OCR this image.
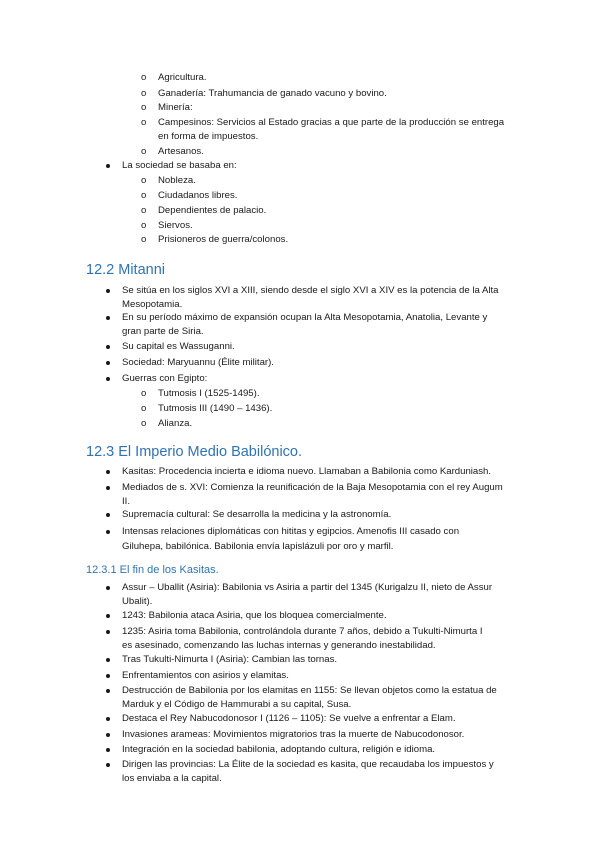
o Agricultura.
o Ganadería: Trahumancia de ganado vacuno y bovino.
o Minería:
o Campesinos: Servicios al Estado gracias a que parte de la producción se entrega
en forma de impuestos.
o Artesanos.
La sociedad se basaba en:
o Nobleza.
o Ciudadanos libres.
o Dependientes de palacio.
o Siervos.
o Prisioneros de guerra/colonos.
12.2 Mitanni
Se sitúa en los siglos XVI a XIII, siendo desde el siglo XVI a XIV es la potencia de la Alta
Mesopotamia.
En su período máximo de expansión ocupan la Alta Mesopotamia, Anatolia, Levante y
gran parte de Siria.
Su capital es Wassuganni.
Sociedad: Maryuannu (Élite militar).
Guerras con Egipto:
o Tutmosis I (1525-1495).
o Tutmosis III (1490 – 1436).
o Alianza.
12.3 El Imperio Medio Babilónico.
Kasitas: Procedencia incierta e idioma nuevo. Llamaban a Babilonia como Karduniash.
Mediados de s. XVI: Comienza la reunificación de la Baja Mesopotamia con el rey Augum
II.
Supremacía cultural: Se desarrolla la medicina y la astronomía.
Intensas relaciones diplomáticas con hititas y egipcios. Amenofis III casado con
Giluhepa, babilónica. Babilonia envía lapislázuli por oro y marfil.
12.3.1 El fin de los Kasitas.
Assur – Uballit (Asiria): Babilonia vs Asiria a partir del 1345 (Kurigalzu II, nieto de Assur
Ubalit).
1243: Babilonia ataca Asiria, que los bloquea comercialmente.
1235: Asiria toma Babilonia, controlándola durante 7 años, debido a Tukulti-Nimurta I
es asesinado, comenzando las luchas internas y generando inestabilidad.
Tras Tukulti-Nimurta I (Asiria): Cambian las tornas.
Enfrentamientos con asirios y elamitas.
Destrucción de Babilonia por los elamitas en 1155: Se llevan objetos como la estatua de
Marduk y el Código de Hammurabi a su capital, Susa.
Destaca el Rey Nabucodonosor I (1126 – 1105): Se vuelve a enfrentar a Elam.
Invasiones arameas: Movimientos migratorios tras la muerte de Nabucodonosor.
Integración en la sociedad babilonia, adoptando cultura, religión e idioma.
Dirigen las provincias: La Élite de la sociedad es kasita, que recaudaba los impuestos y
los enviaba a la capital.
